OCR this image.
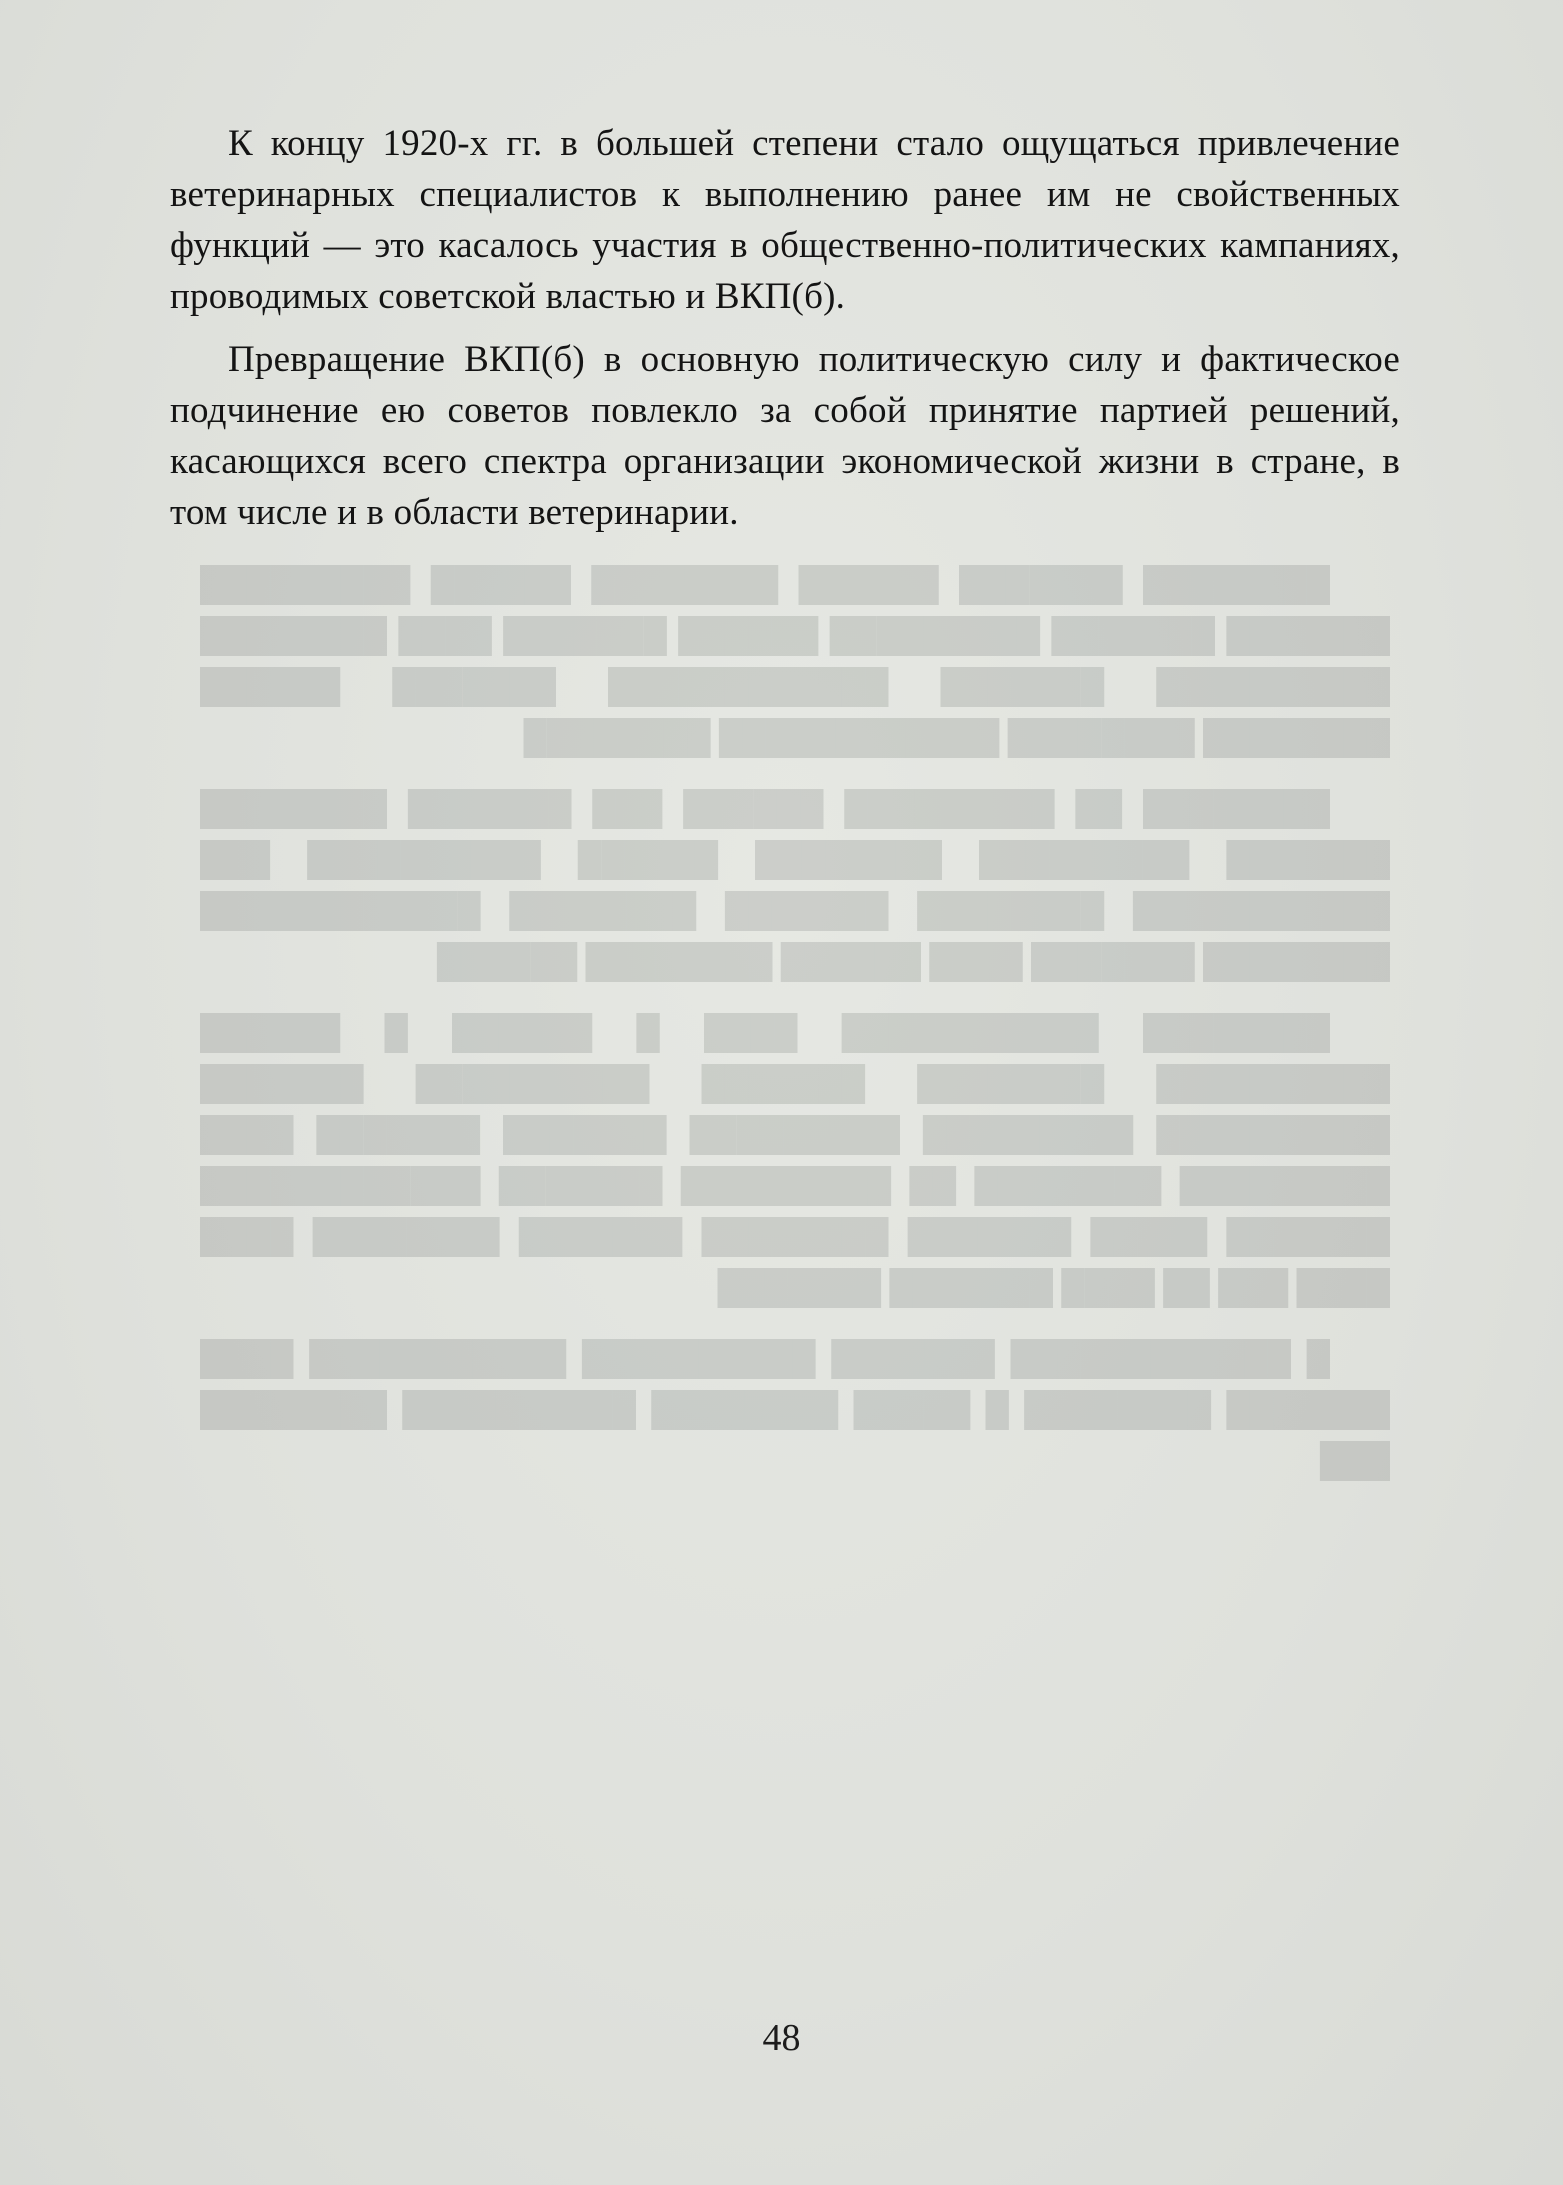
████████ ███████ ██████ ████████ ██████ █████████ ███████ ███████ █████████ ██████ ███████ ████ ████████ ██████████ ███████ ████████████ ███████ ██████ ████████ ████████ ████████████ ████████

████████ ██ █████████ ██████ ███ ███████ ████████ ███████ █████████ ████████ ██████ ██████████ ███ ███████████ ████████ ███████ ████████ ████████████ ████████ ███████ ████ ██████ ████████ ██████

████████ ███████████ ████ █ ██████ █ ██████ ██████████ ████████ ███████ ██████████ ███████ ██████████ █████████ █████████ ███████ ███████ ████ █████████ ████████ ██ █████████ ███████ ████████████ ███████ █████ ███████ ████████ ███████ ████████ ████ ████ ███ ██ ████ ███████ ███████

█ ████████████ ███████ ██████████ ███████████ ████ ███████ ████████ █ █████ ████████ ██████████ ████████ ███

К концу 1920-х гг. в большей степени стало ощущаться привлечение ветеринарных специалистов к выполнению ранее им не свойственных функций — это касалось участия в общественно-политических кампаниях, проводимых советской властью и ВКП(б).

Превращение ВКП(б) в основную политическую силу и фактическое подчинение ею советов повлекло за собой принятие партией решений, касающихся всего спектра организации экономической жизни в стране, в том числе и в области ветеринарии.

48
